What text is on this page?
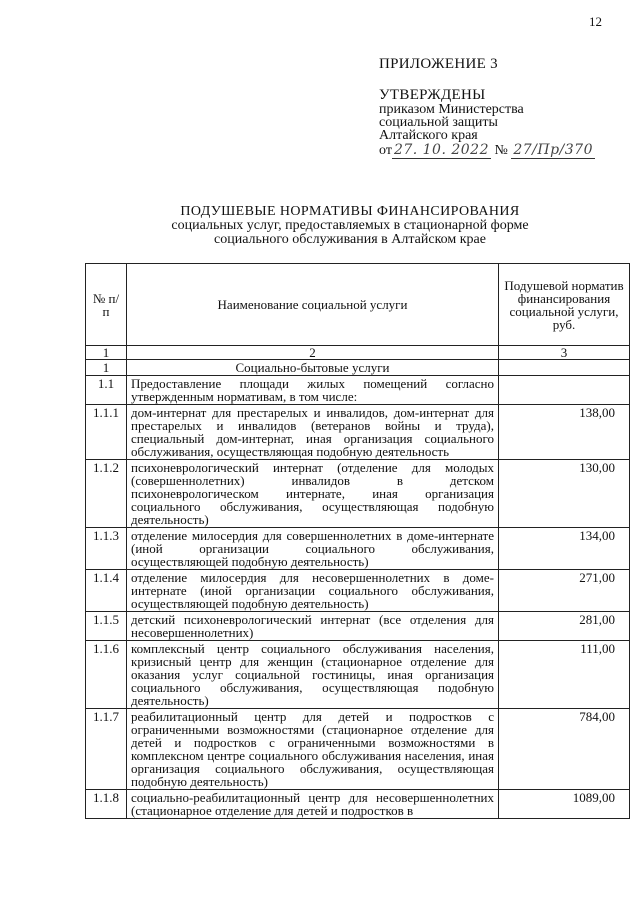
12
ПРИЛОЖЕНИЕ 3
УТВЕРЖДЕНЫ
приказом Министерства
социальной защиты
Алтайского края
от 27. 10. 2022 № 27/Пр/370
ПОДУШЕВЫЕ НОРМАТИВЫ ФИНАНСИРОВАНИЯ
социальных услуг, предоставляемых в стационарной форме
социального обслуживания в Алтайском крае
№ п/п	Наименование социальной услуги	Подушевой норматив финансирования социальной услуги, руб.
1	2	3
1	Социально-бытовые услуги	
1.1	Предоставление площади жилых помещений согласно утвержденным нормативам, в том числе:	
1.1.1	дом-интернат для престарелых и инвалидов, дом-интернат для престарелых и инвалидов (ветеранов войны и труда), специальный дом-интернат, иная организация социального обслуживания, осуществляющая подобную деятельность	138,00
1.1.2	психоневрологический интернат (отделение для молодых (совершеннолетних) инвалидов в детском психоневрологическом интернате, иная организация социального обслуживания, осуществляющая подобную деятельность)	130,00
1.1.3	отделение милосердия для совершеннолетних в доме-интернате (иной организации социального обслуживания, осуществляющей подобную деятельность)	134,00
1.1.4	отделение милосердия для несовершеннолетних в доме-интернате (иной организации социального обслуживания, осуществляющей подобную деятельность)	271,00
1.1.5	детский психоневрологический интернат (все отделения для несовершеннолетних)	281,00
1.1.6	комплексный центр социального обслуживания населения, кризисный центр для женщин (стационарное отделение для оказания услуг социальной гостиницы, иная организация социального обслуживания, осуществляющая подобную деятельность)	111,00
1.1.7	реабилитационный центр для детей и подростков с ограниченными возможностями (стационарное отделение для детей и подростков с ограниченными возможностями в комплексном центре социального обслуживания населения, иная организация социального обслуживания, осуществляющая подобную деятельность)	784,00
1.1.8	социально-реабилитационный центр для несовершеннолетних (стационарное отделение для детей и подростков в	1089,00
